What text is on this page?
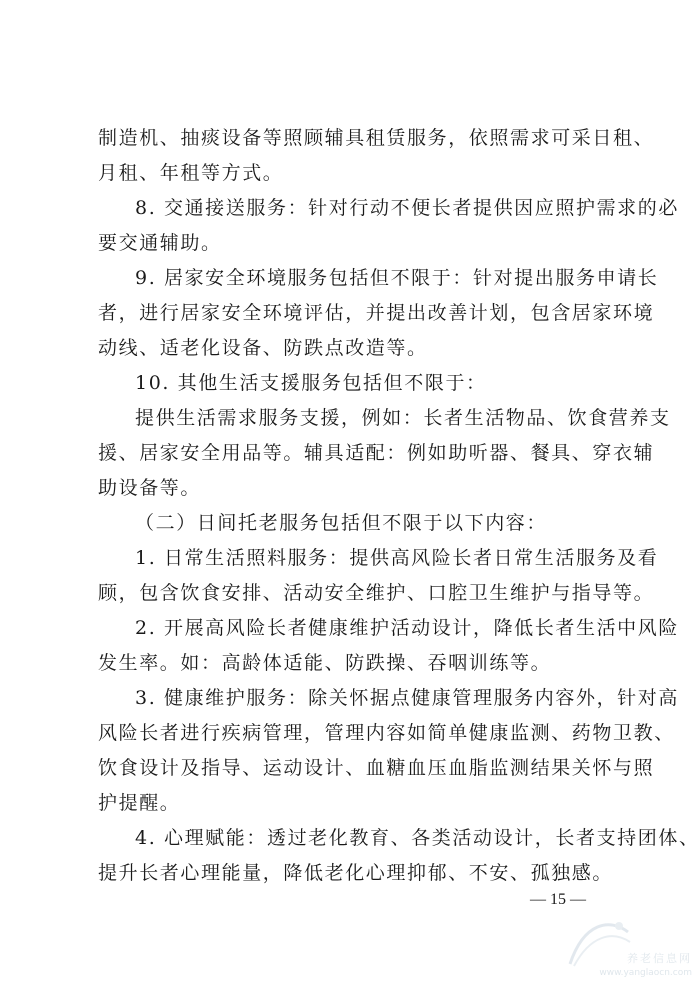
制造机、抽痰设备等照顾辅具租赁服务，依照需求可采日租、
月租、年租等方式。
8. 交通接送服务：针对行动不便长者提供因应照护需求的必
要交通辅助。
9. 居家安全环境服务包括但不限于：针对提出服务申请长
者，进行居家安全环境评估，并提出改善计划，包含居家环境
动线、适老化设备、防跌点改造等。
10. 其他生活支援服务包括但不限于：
提供生活需求服务支援，例如：长者生活物品、饮食营养支
援、居家安全用品等。辅具适配：例如助听器、餐具、穿衣辅
助设备等。
（二）日间托老服务包括但不限于以下内容：
1. 日常生活照料服务：提供高风险长者日常生活服务及看
顾，包含饮食安排、活动安全维护、口腔卫生维护与指导等。
2. 开展高风险长者健康维护活动设计，降低长者生活中风险
发生率。如：高龄体适能、防跌操、吞咽训练等。
3. 健康维护服务：除关怀据点健康管理服务内容外，针对高
风险长者进行疾病管理，管理内容如简单健康监测、药物卫教、
饮食设计及指导、运动设计、血糖血压血脂监测结果关怀与照
护提醒。
4. 心理赋能：透过老化教育、各类活动设计，长者支持团体、
提升长者心理能量，降低老化心理抑郁、不安、孤独感。
— 15 —
养老信息网
www.yanglaocn.com
